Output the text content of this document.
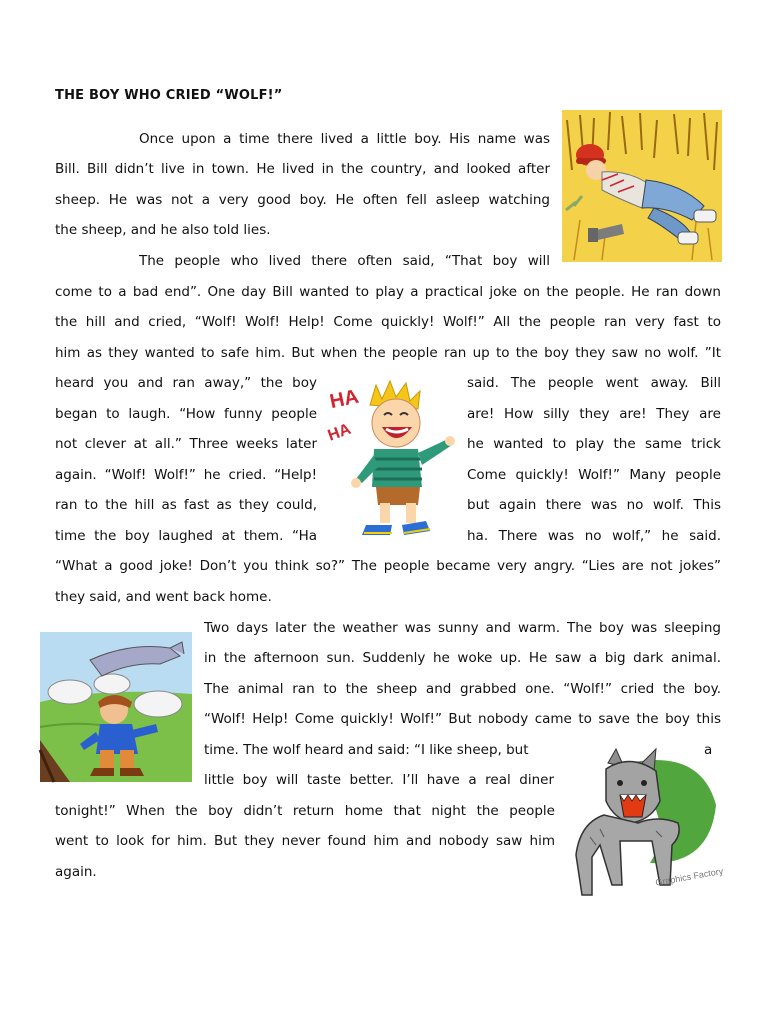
THE BOY WHO CRIED “WOLF!”
Once upon a time there lived a little boy. His name was
Bill. Bill didn’t live in town. He lived in the country, and looked after
sheep. He was not a very good boy. He often fell asleep watching
the sheep, and he also told lies.
The people who lived there often said, “That boy will
come to a bad end”. One day Bill wanted to play a practical joke on the people. He ran down
the hill and cried, “Wolf! Wolf! Help! Come quickly! Wolf!” All the people ran very fast to
him as they wanted to safe him. But when the people ran up to the boy they saw no wolf. ”It
heard you and ran away,” the boy	said. The people went away. Bill
began to laugh. “How funny people	are! How silly they are! They are
not clever at all.” Three weeks later	he wanted to play the same trick
again. “Wolf! Wolf!” he cried. “Help!	Come quickly! Wolf!” Many people
ran to the hill as fast as they could,	but again there was no wolf. This
time the boy laughed at them. “Ha	ha. There was no wolf,” he said.
“What a good joke! Don’t you think so?” The people became very angry. “Lies are not jokes”
they said, and went back home.
Two days later the weather was sunny and warm. The boy was sleeping
in the afternoon sun. Suddenly he woke up. He saw a big dark animal.
The animal ran to the sheep and grabbed one. “Wolf!” cried the boy.
“Wolf! Help! Come quickly! Wolf!” But nobody came to save the boy this
time. The wolf heard and said: “I like sheep, but	a
little boy will taste better. I’ll have a real diner
tonight!” When the boy didn’t return home that night the people
went to look for him. But they never found him and nobody saw him
again.
HA
HA
Graphics Factory
